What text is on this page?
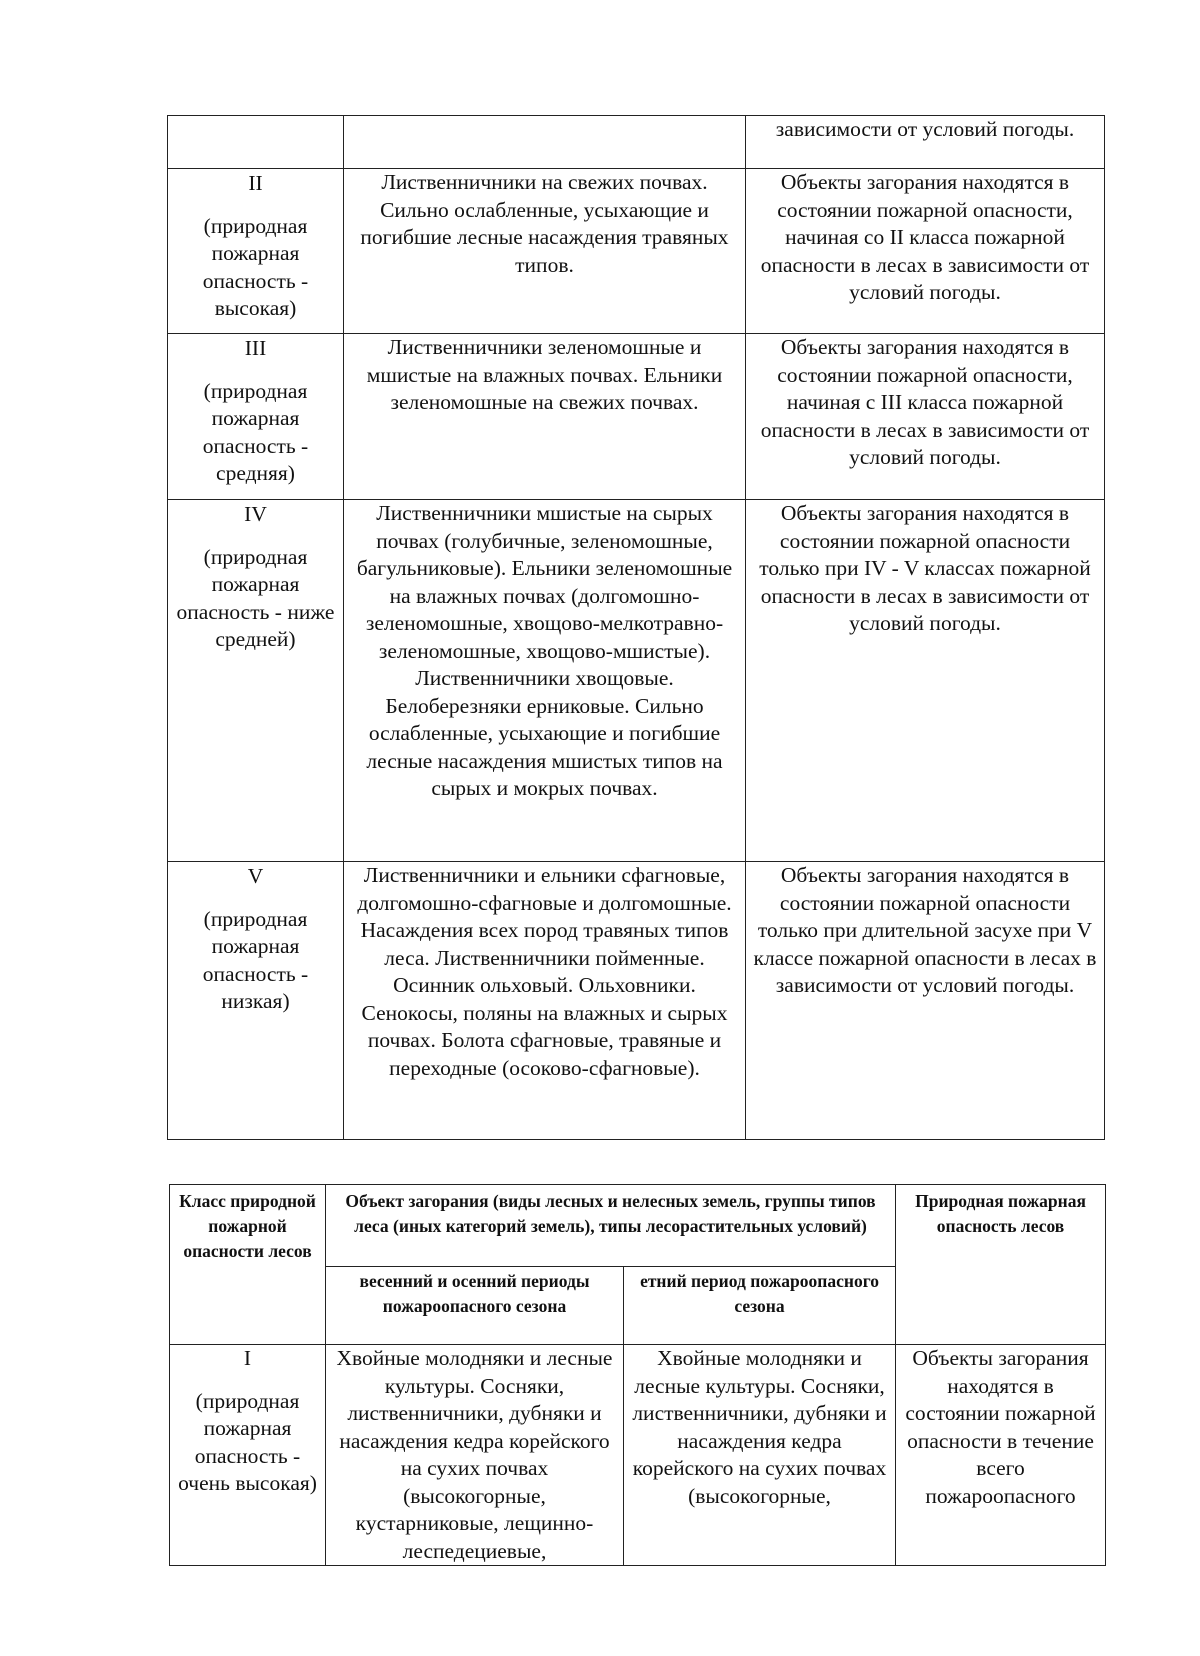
		зависимости от условий погоды.

II
(природная пожарная опасность - высокая)	Лиственничники на свежих почвах. Сильно ослабленные, усыхающие и погибшие лесные насаждения травяных типов.	Объекты загорания находятся в состоянии пожарной опасности, начиная со II класса пожарной опасности в лесах в зависимости от условий погоды.

III
(природная пожарная опасность - средняя)	Лиственничники зеленомошные и мшистые на влажных почвах. Ельники зеленомошные на свежих почвах.	Объекты загорания находятся в состоянии пожарной опасности, начиная с III класса пожарной опасности в лесах в зависимости от условий погоды.

IV
(природная пожарная опасность - ниже средней)	Лиственничники мшистые на сырых почвах (голубичные, зеленомошные, багульниковые). Ельники зеленомошные на влажных почвах (долгомошно-зеленомошные, хвощово-мелкотравно-зеленомошные, хвощово-мшистые). Лиственничники хвощовые. Белоберезняки ерниковые. Сильно ослабленные, усыхающие и погибшие лесные насаждения мшистых типов на сырых и мокрых почвах.	Объекты загорания находятся в состоянии пожарной опасности только при IV - V классах пожарной опасности в лесах в зависимости от условий погоды.

V
(природная пожарная опасность - низкая)	Лиственничники и ельники сфагновые, долгомошно-сфагновые и долгомошные. Насаждения всех пород травяных типов леса. Лиственничники пойменные. Осинник ольховый. Ольховники. Сенокосы, поляны на влажных и сырых почвах. Болота сфагновые, травяные и переходные (осоково-сфагновые).	Объекты загорания находятся в состоянии пожарной опасности только при длительной засухе при V классе пожарной опасности в лесах в зависимости от условий погоды.
Класс природной пожарной опасности лесов	Объект загорания (виды лесных и нелесных земель, группы типов леса (иных категорий земель), типы лесорастительных условий)		Природная пожарная опасность лесов
	весенний и осенний периоды пожароопасного сезона	етний период пожароопасного сезона	

I
(природная пожарная опасность - очень высокая)	Хвойные молодняки и лесные культуры. Сосняки, лиственничники, дубняки и насаждения кедра корейского на сухих почвах (высокогорные, кустарниковые, лещинно-леспедециевые,	Хвойные молодняки и лесные культуры. Сосняки, лиственничники, дубняки и насаждения кедра корейского на сухих почвах (высокогорные,	Объекты загорания находятся в состоянии пожарной опасности в течение всего пожароопасного
